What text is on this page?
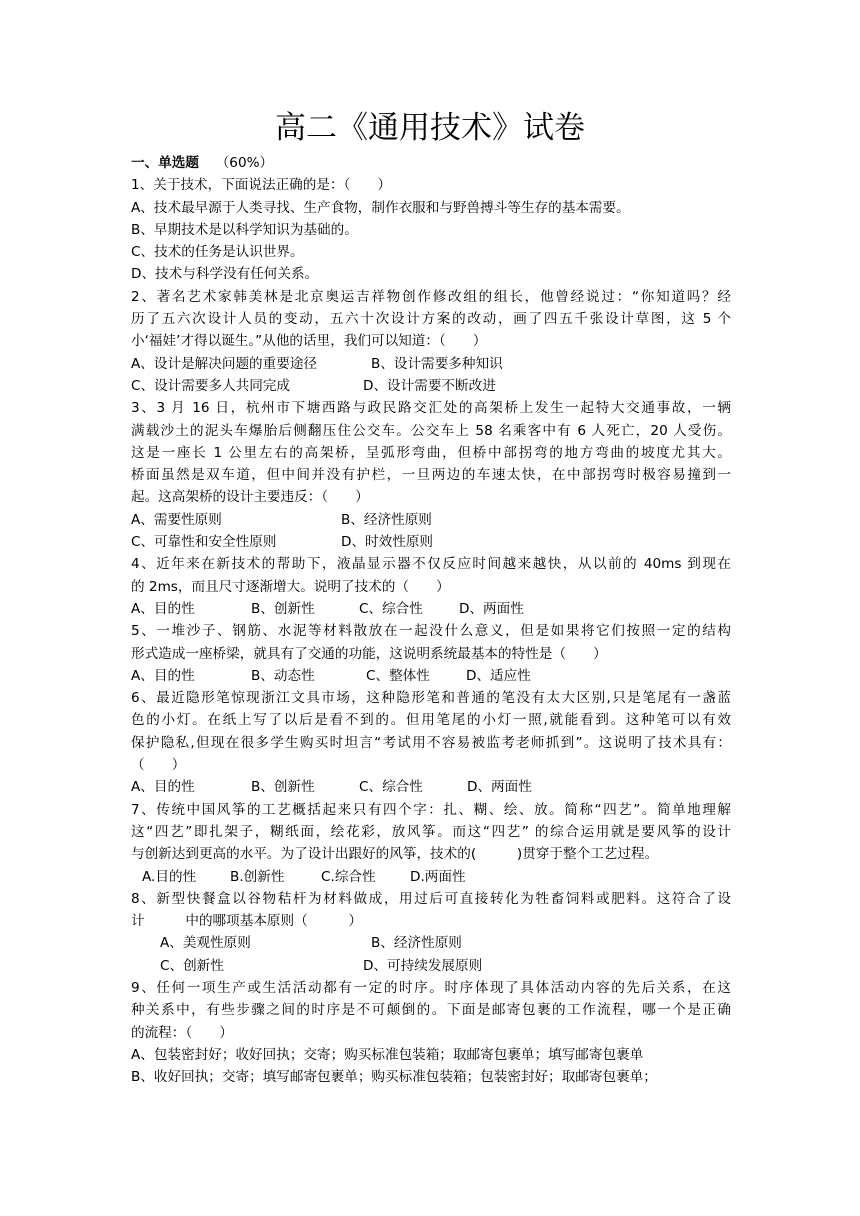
高二《通用技术》试卷
一、单选题 （60%）
1、关于技术，下面说法正确的是：（　　）
A、技术最早源于人类寻找、生产食物，制作衣服和与野兽搏斗等生存的基本需要。
B、早期技术是以科学知识为基础的。
C、技术的任务是认识世界。
D、技术与科学没有任何关系。
2、著名艺术家韩美林是北京奥运吉祥物创作修改组的组长，他曾经说过：“你知道吗？经
历了五六次设计人员的变动，五六十次设计方案的改动，画了四五千张设计草图，这 5 个
小‘福娃’才得以诞生。”从他的话里，我们可以知道：（　　）
A、设计是解决问题的重要途径	B、设计需要多种知识
C、设计需要多人共同完成	D、设计需要不断改进
3、3 月 16 日，杭州市下塘西路与政民路交汇处的高架桥上发生一起特大交通事故，一辆
满载沙土的泥头车爆胎后侧翻压住公交车。公交车上 58 名乘客中有 6 人死亡，20 人受伤。
这是一座长 1 公里左右的高架桥，呈弧形弯曲，但桥中部拐弯的地方弯曲的坡度尤其大。
桥面虽然是双车道，但中间并没有护栏，一旦两边的车速太快，在中部拐弯时极容易撞到一
起。这高架桥的设计主要违反：（　　）
A、需要性原则	B、经济性原则
C、可靠性和安全性原则	D、时效性原则
4、近年来在新技术的帮助下，液晶显示器不仅反应时间越来越快，从以前的 40ms 到现在
的 2ms，而且尺寸逐渐增大。说明了技术的（　　）
A、目的性	B、创新性	C、综合性	D、两面性
5、一堆沙子、钢筋、水泥等材料散放在一起没什么意义，但是如果将它们按照一定的结构
形式造成一座桥梁，就具有了交通的功能，这说明系统最基本的特性是（　　）
A、目的性	B、动态性	C、整体性	D、适应性
6、最近隐形笔惊现浙江文具市场，这种隐形笔和普通的笔没有太大区别,只是笔尾有一盏蓝
色的小灯。在纸上写了以后是看不到的。但用笔尾的小灯一照,就能看到。这种笔可以有效
保护隐私,但现在很多学生购买时坦言“考试用不容易被监考老师抓到”。这说明了技术具有：
（　　）
A、目的性	B、创新性	C、综合性	D、两面性
7、传统中国风筝的工艺概括起来只有四个字：扎、糊、绘、放。简称“四艺”。简单地理解
这“四艺”即扎架子，糊纸面，绘花彩，放风筝。而这“四艺” 的综合运用就是要风筝的设计
与创新达到更高的水平。为了设计出跟好的风筝，技术的(　　　)贯穿于整个工艺过程。
A.目的性	B.创新性	C.综合性	D.两面性
8、新型快餐盒以谷物秸杆为材料做成，用过后可直接转化为牲畜饲料或肥料。这符合了设
计　　　中的哪项基本原则（　　　）
A、美观性原则	B、经济性原则
C、创新性	D、可持续发展原则
9、任何一项生产或生活活动都有一定的时序。时序体现了具体活动内容的先后关系，在这
种关系中，有些步骤之间的时序是不可颠倒的。下面是邮寄包裹的工作流程，哪一个是正确
的流程：（　　）
A、包装密封好；收好回执；交寄；购买标准包装箱；取邮寄包裹单；填写邮寄包裹单
B、收好回执；交寄；填写邮寄包裹单；购买标准包装箱；包装密封好；取邮寄包裹单；
